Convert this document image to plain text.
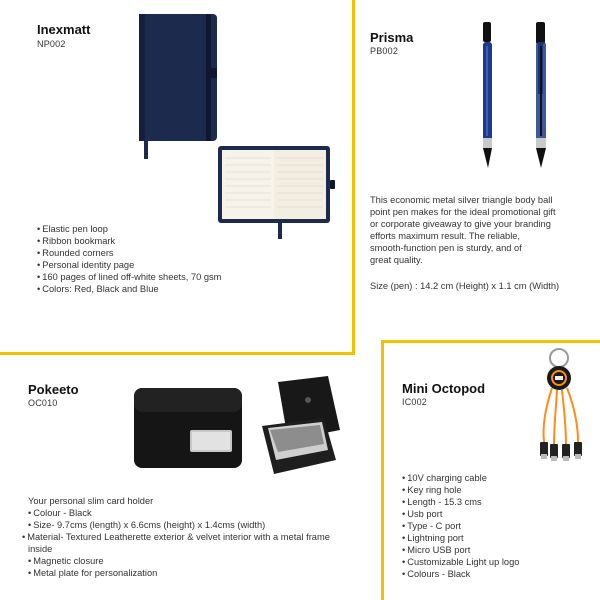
Inexmatt
NP002
• Elastic pen loop
• Ribbon bookmark
• Rounded corners
• Personal identity page
• 160 pages of lined off-white sheets, 70 gsm
• Colors: Red, Black and Blue
Prisma
PB002
This economic metal silver triangle body ball
point pen makes for the ideal promotional gift
or corporate giveaway to give your branding
efforts maximum result. The reliable,
smooth-function pen is sturdy, and of
great quality.
Size (pen) : 14.2 cm (Height) x 1.1 cm (Width)
Pokeeto
OC010
Your personal slim card holder
• Colour - Black
• Size- 9.7cms (length) x 6.6cms (height) x 1.4cms (width)
• Material- Textured Leatherette exterior & velvet interior with a metal frame inside
• Magnetic closure
• Metal plate for personalization
Mini Octopod
IC002
• 10V charging cable
• Key ring hole
• Length - 15.3 cms
• Usb port
• Type - C port
• Lightning port
• Micro USB port
• Customizable Light up logo
• Colours - Black
